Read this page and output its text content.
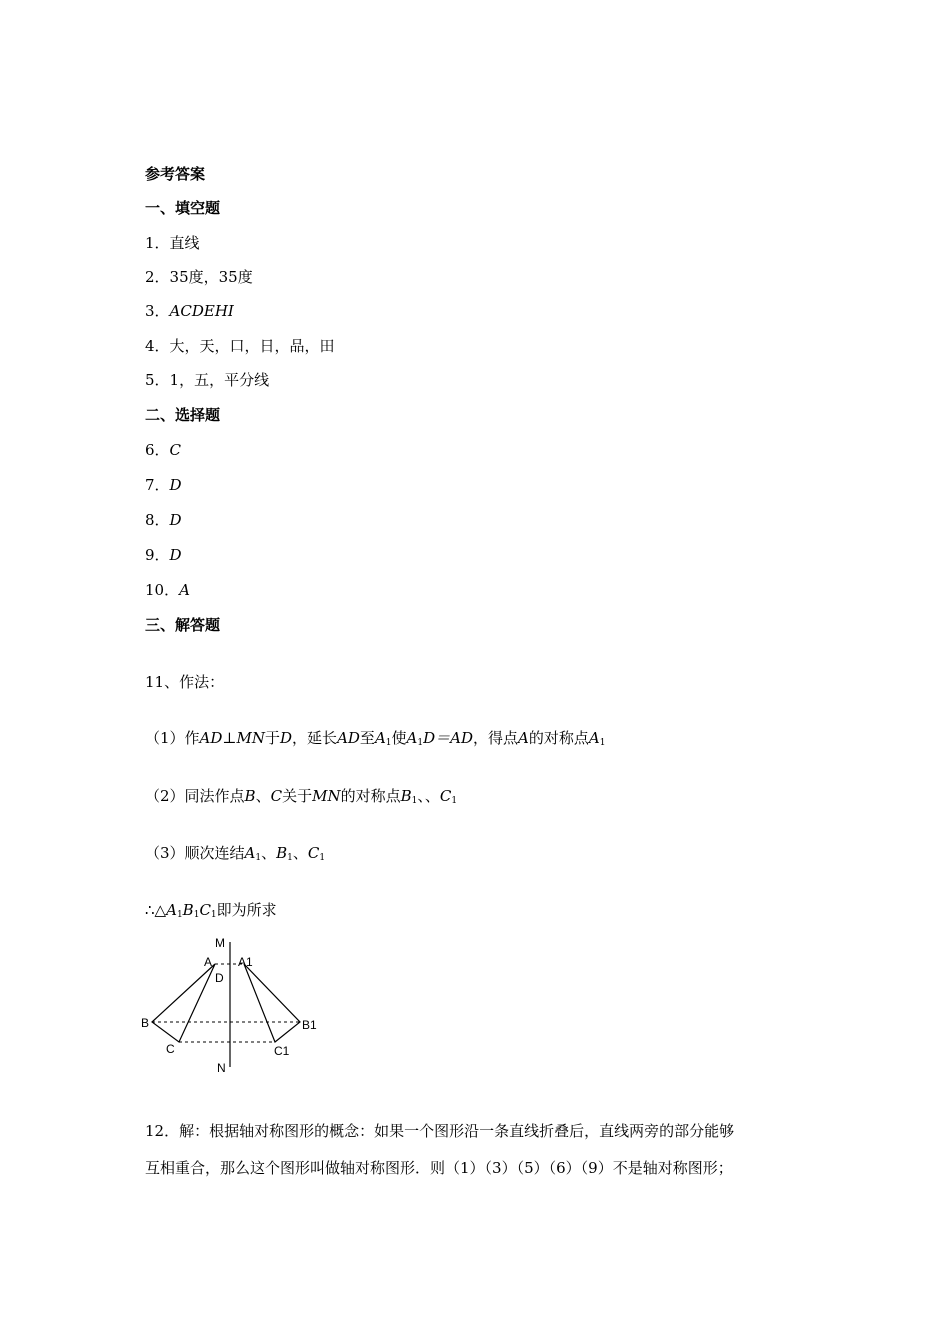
参考答案
一、填空题
1．直线
2．35度，35度
3．ACDEHI
4．大，天，口，日，品，田
5．1，五，平分线
二、选择题
6．C
7．D
8．D
9．D
10．A
三、解答题
11、作法：
（1）作AD⊥MN于D，延长AD至$A_1$使$A_1D=AD$，得点A的对称点$A_1$
（2）同法作点B、C关于MN的对称点$B_1$、、$C_1$
（3）顺次连结$A_1$、$B_1$、$C_1$
$\therefore\triangle A_1B_1C_1$即为所求
M
N
A
D
A1
B	B1
C	C1
12．解：根据轴对称图形的概念：如果一个图形沿一条直线折叠后，直线两旁的部分能够
互相重合，那么这个图形叫做轴对称图形．则（1）（3）（5）（6）（9）不是轴对称图形；
